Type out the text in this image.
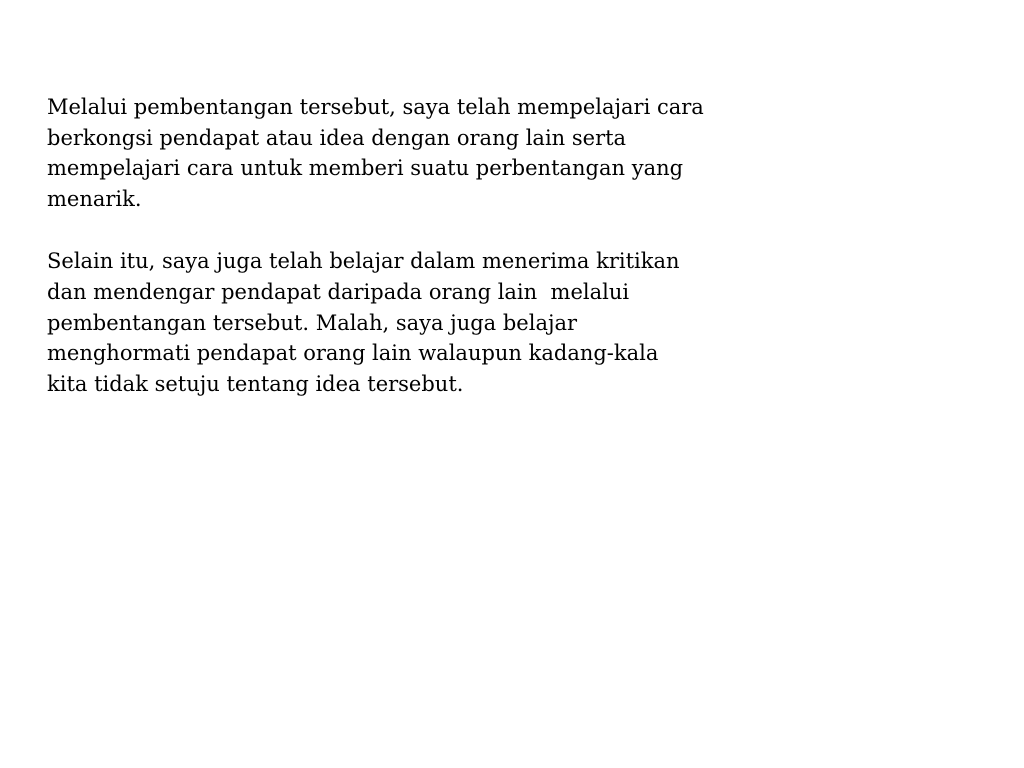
Melalui pembentangan tersebut, saya telah mempelajari cara
berkongsi pendapat atau idea dengan orang lain serta
mempelajari cara untuk memberi suatu perbentangan yang
menarik.
Selain itu, saya juga telah belajar dalam menerima kritikan
dan mendengar pendapat daripada orang lain  melalui
pembentangan tersebut. Malah, saya juga belajar
menghormati pendapat orang lain walaupun kadang-kala
kita tidak setuju tentang idea tersebut.
